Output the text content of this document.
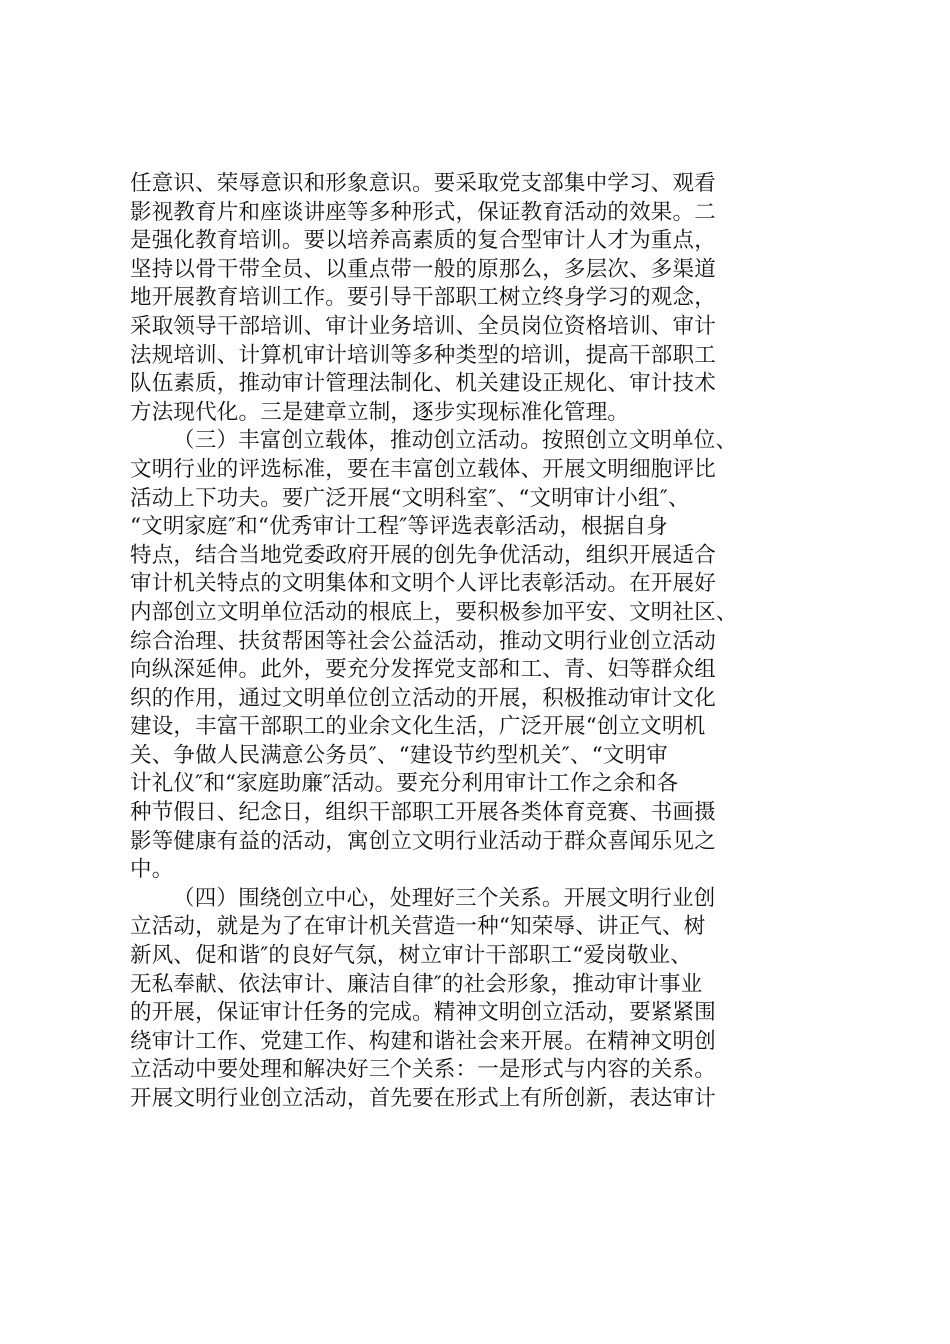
任意识、荣辱意识和形象意识。要采取党支部集中学习、观看
影视教育片和座谈讲座等多种形式，保证教育活动的效果。二
是强化教育培训。要以培养高素质的复合型审计人才为重点，
坚持以骨干带全员、以重点带一般的原那么，多层次、多渠道
地开展教育培训工作。要引导干部职工树立终身学习的观念，
采取领导干部培训、审计业务培训、全员岗位资格培训、审计
法规培训、计算机审计培训等多种类型的培训，提高干部职工
队伍素质，推动审计管理法制化、机关建设正规化、审计技术
方法现代化。三是建章立制，逐步实现标准化管理。
（三）丰富创立载体，推动创立活动。按照创立文明单位、
文明行业的评选标准，要在丰富创立载体、开展文明细胞评比
活动上下功夫。要广泛开展“文明科室″、“文明审计小组″、
“文明家庭″和“优秀审计工程″等评选表彰活动，根据自身
特点，结合当地党委政府开展的创先争优活动，组织开展适合
审计机关特点的文明集体和文明个人评比表彰活动。在开展好
内部创立文明单位活动的根底上，要积极参加平安、文明社区、
综合治理、扶贫帮困等社会公益活动，推动文明行业创立活动
向纵深延伸。此外，要充分发挥党支部和工、青、妇等群众组
织的作用，通过文明单位创立活动的开展，积极推动审计文化
建设，丰富干部职工的业余文化生活，广泛开展“创立文明机
关、争做人民满意公务员″、“建设节约型机关″、“文明审
计礼仪″和“家庭助廉″活动。要充分利用审计工作之余和各
种节假日、纪念日，组织干部职工开展各类体育竞赛、书画摄
影等健康有益的活动，寓创立文明行业活动于群众喜闻乐见之
中。
（四）围绕创立中心，处理好三个关系。开展文明行业创
立活动，就是为了在审计机关营造一种“知荣辱、讲正气、树
新风、促和谐″的良好气氛，树立审计干部职工“爱岗敬业、
无私奉献、依法审计、廉洁自律″的社会形象，推动审计事业
的开展，保证审计任务的完成。精神文明创立活动，要紧紧围
绕审计工作、党建工作、构建和谐社会来开展。在精神文明创
立活动中要处理和解决好三个关系：一是形式与内容的关系。
开展文明行业创立活动，首先要在形式上有所创新，表达审计
